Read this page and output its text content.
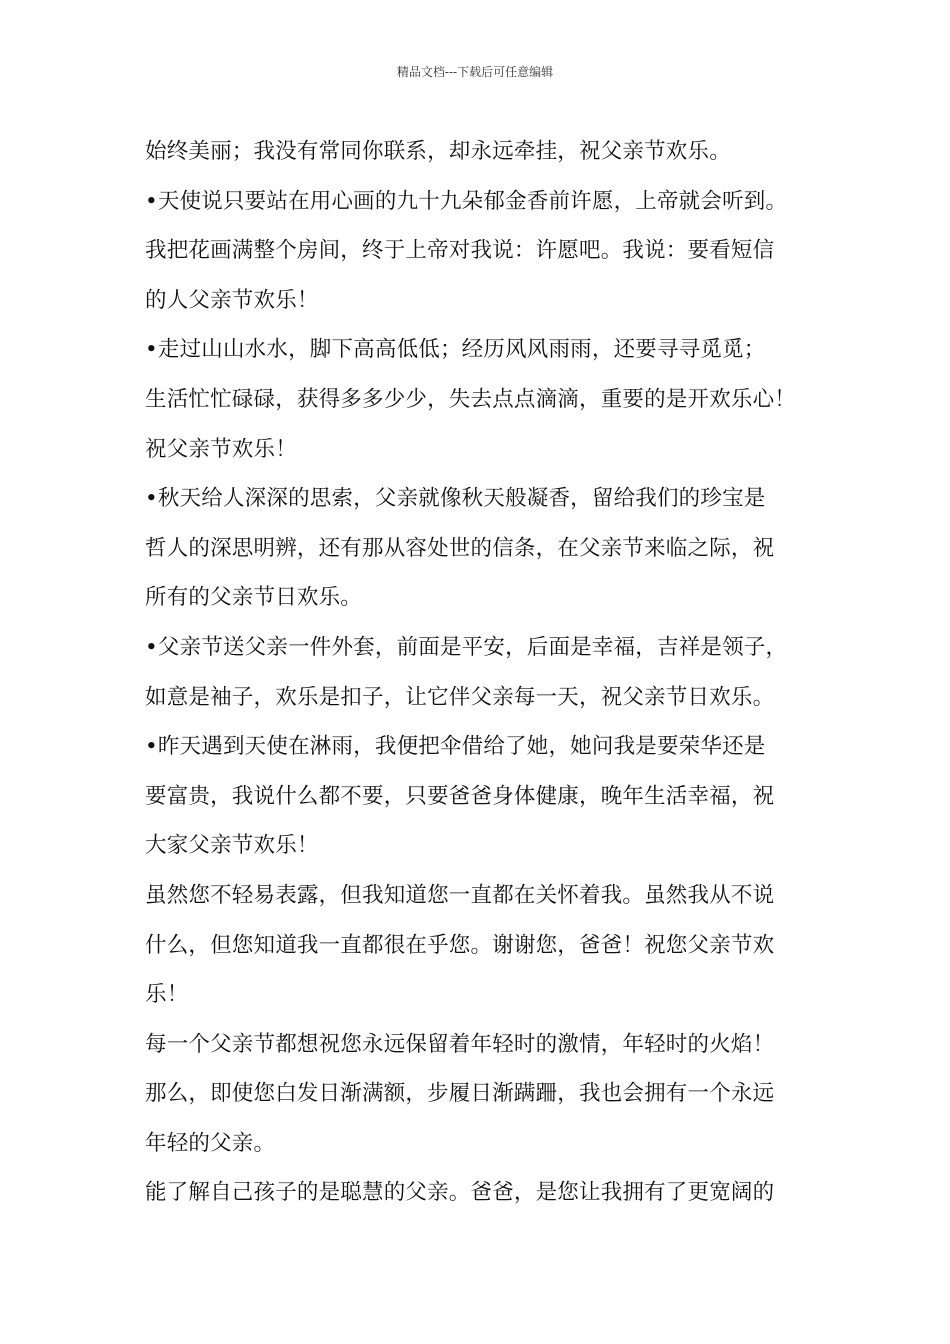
精品文档---下载后可任意编辑
始终美丽；我没有常同你联系，却永远牵挂，祝父亲节欢乐。
•天使说只要站在用心画的九十九朵郁金香前许愿，上帝就会听到。
我把花画满整个房间，终于上帝对我说：许愿吧。我说：要看短信
的人父亲节欢乐！
•走过山山水水，脚下高高低低；经历风风雨雨，还要寻寻觅觅；
生活忙忙碌碌，获得多多少少，失去点点滴滴，重要的是开欢乐心！
祝父亲节欢乐！
•秋天给人深深的思索，父亲就像秋天般凝香，留给我们的珍宝是
哲人的深思明辨，还有那从容处世的信条，在父亲节来临之际，祝
所有的父亲节日欢乐。
•父亲节送父亲一件外套，前面是平安，后面是幸福，吉祥是领子，
如意是袖子，欢乐是扣子，让它伴父亲每一天，祝父亲节日欢乐。
•昨天遇到天使在淋雨，我便把伞借给了她，她问我是要荣华还是
要富贵，我说什么都不要，只要爸爸身体健康，晚年生活幸福，祝
大家父亲节欢乐！
虽然您不轻易表露，但我知道您一直都在关怀着我。虽然我从不说
什么，但您知道我一直都很在乎您。谢谢您，爸爸！祝您父亲节欢
乐！
每一个父亲节都想祝您永远保留着年轻时的激情，年轻时的火焰！
那么，即使您白发日渐满额，步履日渐蹒跚，我也会拥有一个永远
年轻的父亲。
能了解自己孩子的是聪慧的父亲。爸爸，是您让我拥有了更宽阔的
